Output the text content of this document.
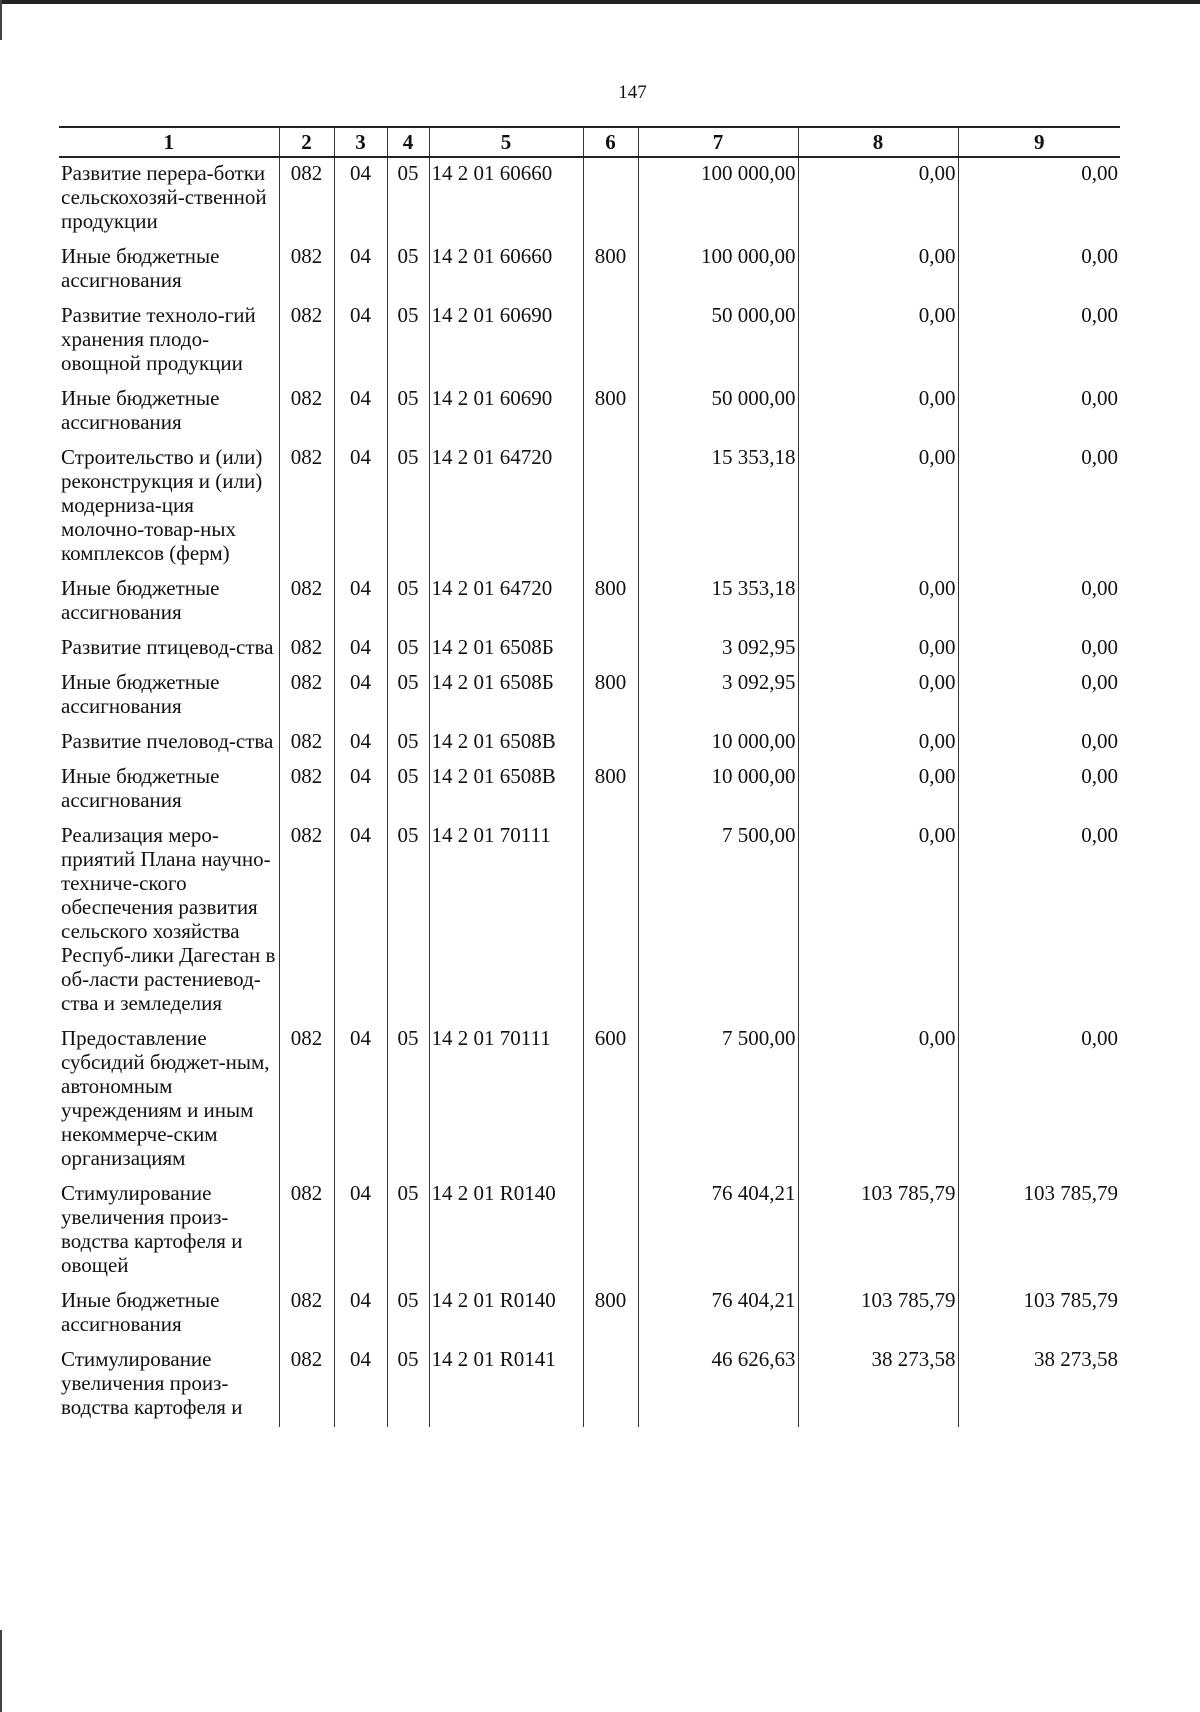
147
1	2	3	4	5	6	7	8	9
Развитие перера-ботки сельскохозяй-ственной продукции	082	04	05	14 2 01 60660		100 000,00	0,00	0,00
Иные бюджетные ассигнования	082	04	05	14 2 01 60660	800	100 000,00	0,00	0,00
Развитие техноло-гий хранения плодо-овощной продукции	082	04	05	14 2 01 60690		50 000,00	0,00	0,00
Иные бюджетные ассигнования	082	04	05	14 2 01 60690	800	50 000,00	0,00	0,00
Строительство и (или) реконструкция и (или) модерниза-ция молочно-товар-ных комплексов (ферм)	082	04	05	14 2 01 64720		15 353,18	0,00	0,00
Иные бюджетные ассигнования	082	04	05	14 2 01 64720	800	15 353,18	0,00	0,00
Развитие птицевод-ства	082	04	05	14 2 01 6508Б		3 092,95	0,00	0,00
Иные бюджетные ассигнования	082	04	05	14 2 01 6508Б	800	3 092,95	0,00	0,00
Развитие пчеловод-ства	082	04	05	14 2 01 6508В		10 000,00	0,00	0,00
Иные бюджетные ассигнования	082	04	05	14 2 01 6508В	800	10 000,00	0,00	0,00
Реализация меро-приятий Плана научно-техниче-ского обеспечения развития сельского хозяйства Респуб-лики Дагестан в об-ласти растениевод-ства и земледелия	082	04	05	14 2 01 70111		7 500,00	0,00	0,00
Предоставление субсидий бюджет-ным, автономным учреждениям и иным некоммерче-ским организациям	082	04	05	14 2 01 70111	600	7 500,00	0,00	0,00
Стимулирование увеличения произ-водства картофеля и овощей	082	04	05	14 2 01 R0140		76 404,21	103 785,79	103 785,79
Иные бюджетные ассигнования	082	04	05	14 2 01 R0140	800	76 404,21	103 785,79	103 785,79
Стимулирование увеличения произ-водства картофеля и	082	04	05	14 2 01 R0141		46 626,63	38 273,58	38 273,58
